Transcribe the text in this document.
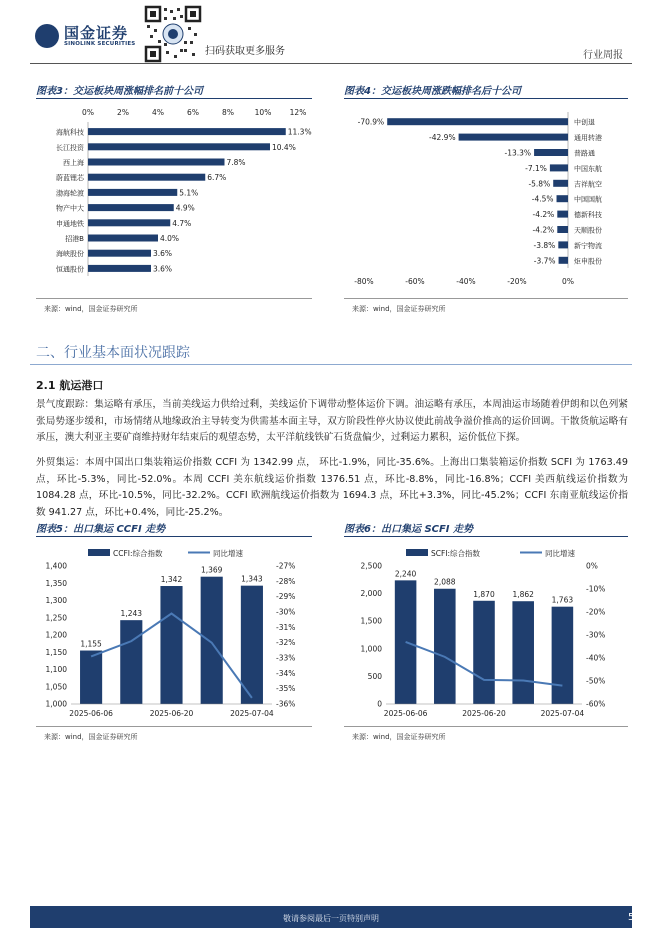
国金证券
SINOLINK SECURITIES
扫码获取更多服务	行业周报
图表3：交运板块周涨幅排名前十公司
0%	2%	4%	6%	8%	10% 12%
海航科技	11.3%
长江投资	10.4%
西上海	7.8%
蔚蓝锂芯	6.7%
渤海轮渡	5.1%
物产中大	4.9%
申通地铁	4.7%
招港B	4.0%
海峡股份	3.6%
恒通股份	3.6%
来源：wind，国金证券研究所
图表4：交运板块周涨跌幅排名后十公司
-70.9%	中创退
-42.9%	通用转港
-13.3%	普路通
-7.1%	中国东航
-5.8%	吉祥航空
-4.5%	中国国航
-4.2%	德新科技
-4.2%	天顺股份
-3.8%	新宁物流
-3.7%	炬申股份
-80%	-60%	-40%	-20%	0%
来源：wind，国金证券研究所
二、行业基本面状况跟踪
2.1 航运港口
景气度跟踪：集运略有承压，当前美线运力供给过剩，美线运价下调带动整体运价下调。油运略有承压，本周油运市场随着伊朗和以色列紧张局势逐步缓和，市场情绪从地缘政治主导转变为供需基本面主导，双方阶段性停火协议使此前战争溢价推高的运价回调。干散货航运略有承压，澳大利亚主要矿商维持财年结束后的观望态势，太平洋航线铁矿石货盘偏少，过剩运力累积，运价低位下探。
外贸集运：本周中国出口集装箱运价指数 CCFI 为 1342.99 点， 环比-1.9%，同比-35.6%。上海出口集装箱运价指数 SCFI 为 1763.49 点，环比-5.3%，同比-52.0%。本周 CCFI 美东航线运价指数 1376.51 点，环比-8.8%，同比-16.8%；CCFI 美西航线运价指数为 1084.28 点，环比-10.5%，同比-32.2%。CCFI 欧洲航线运价指数为 1694.3 点，环比+3.3%，同比-45.2%；CCFI 东南亚航线运价指数 941.27 点，环比+0.4%，同比-25.2%。
图表5：出口集运 CCFI 走势
CCFI:综合指数	同比增速
1,000
1,050
1,100
1,150
1,200
1,250
1,300
1,350
1,400	-27%
-28%
-29%
-30%
-31%
-32%
-33%
-34%
-35%
-36%
1,155
1,243
1,342
1,369
1,343
2025-06-06	2025-06-20	2025-07-04
来源：wind，国金证券研究所
图表6：出口集运 SCFI 走势
SCFI:综合指数	同比增速
0
500
1,000
1,500
2,000
2,500	0%
-10%
-20%
-30%
-40%
-50%
-60%
2,240
2,088
1,870 1,862
1,763
2025-06-06	2025-06-20	2025-07-04
来源：wind，国金证券研究所
敬请参阅最后一页特别声明	5
